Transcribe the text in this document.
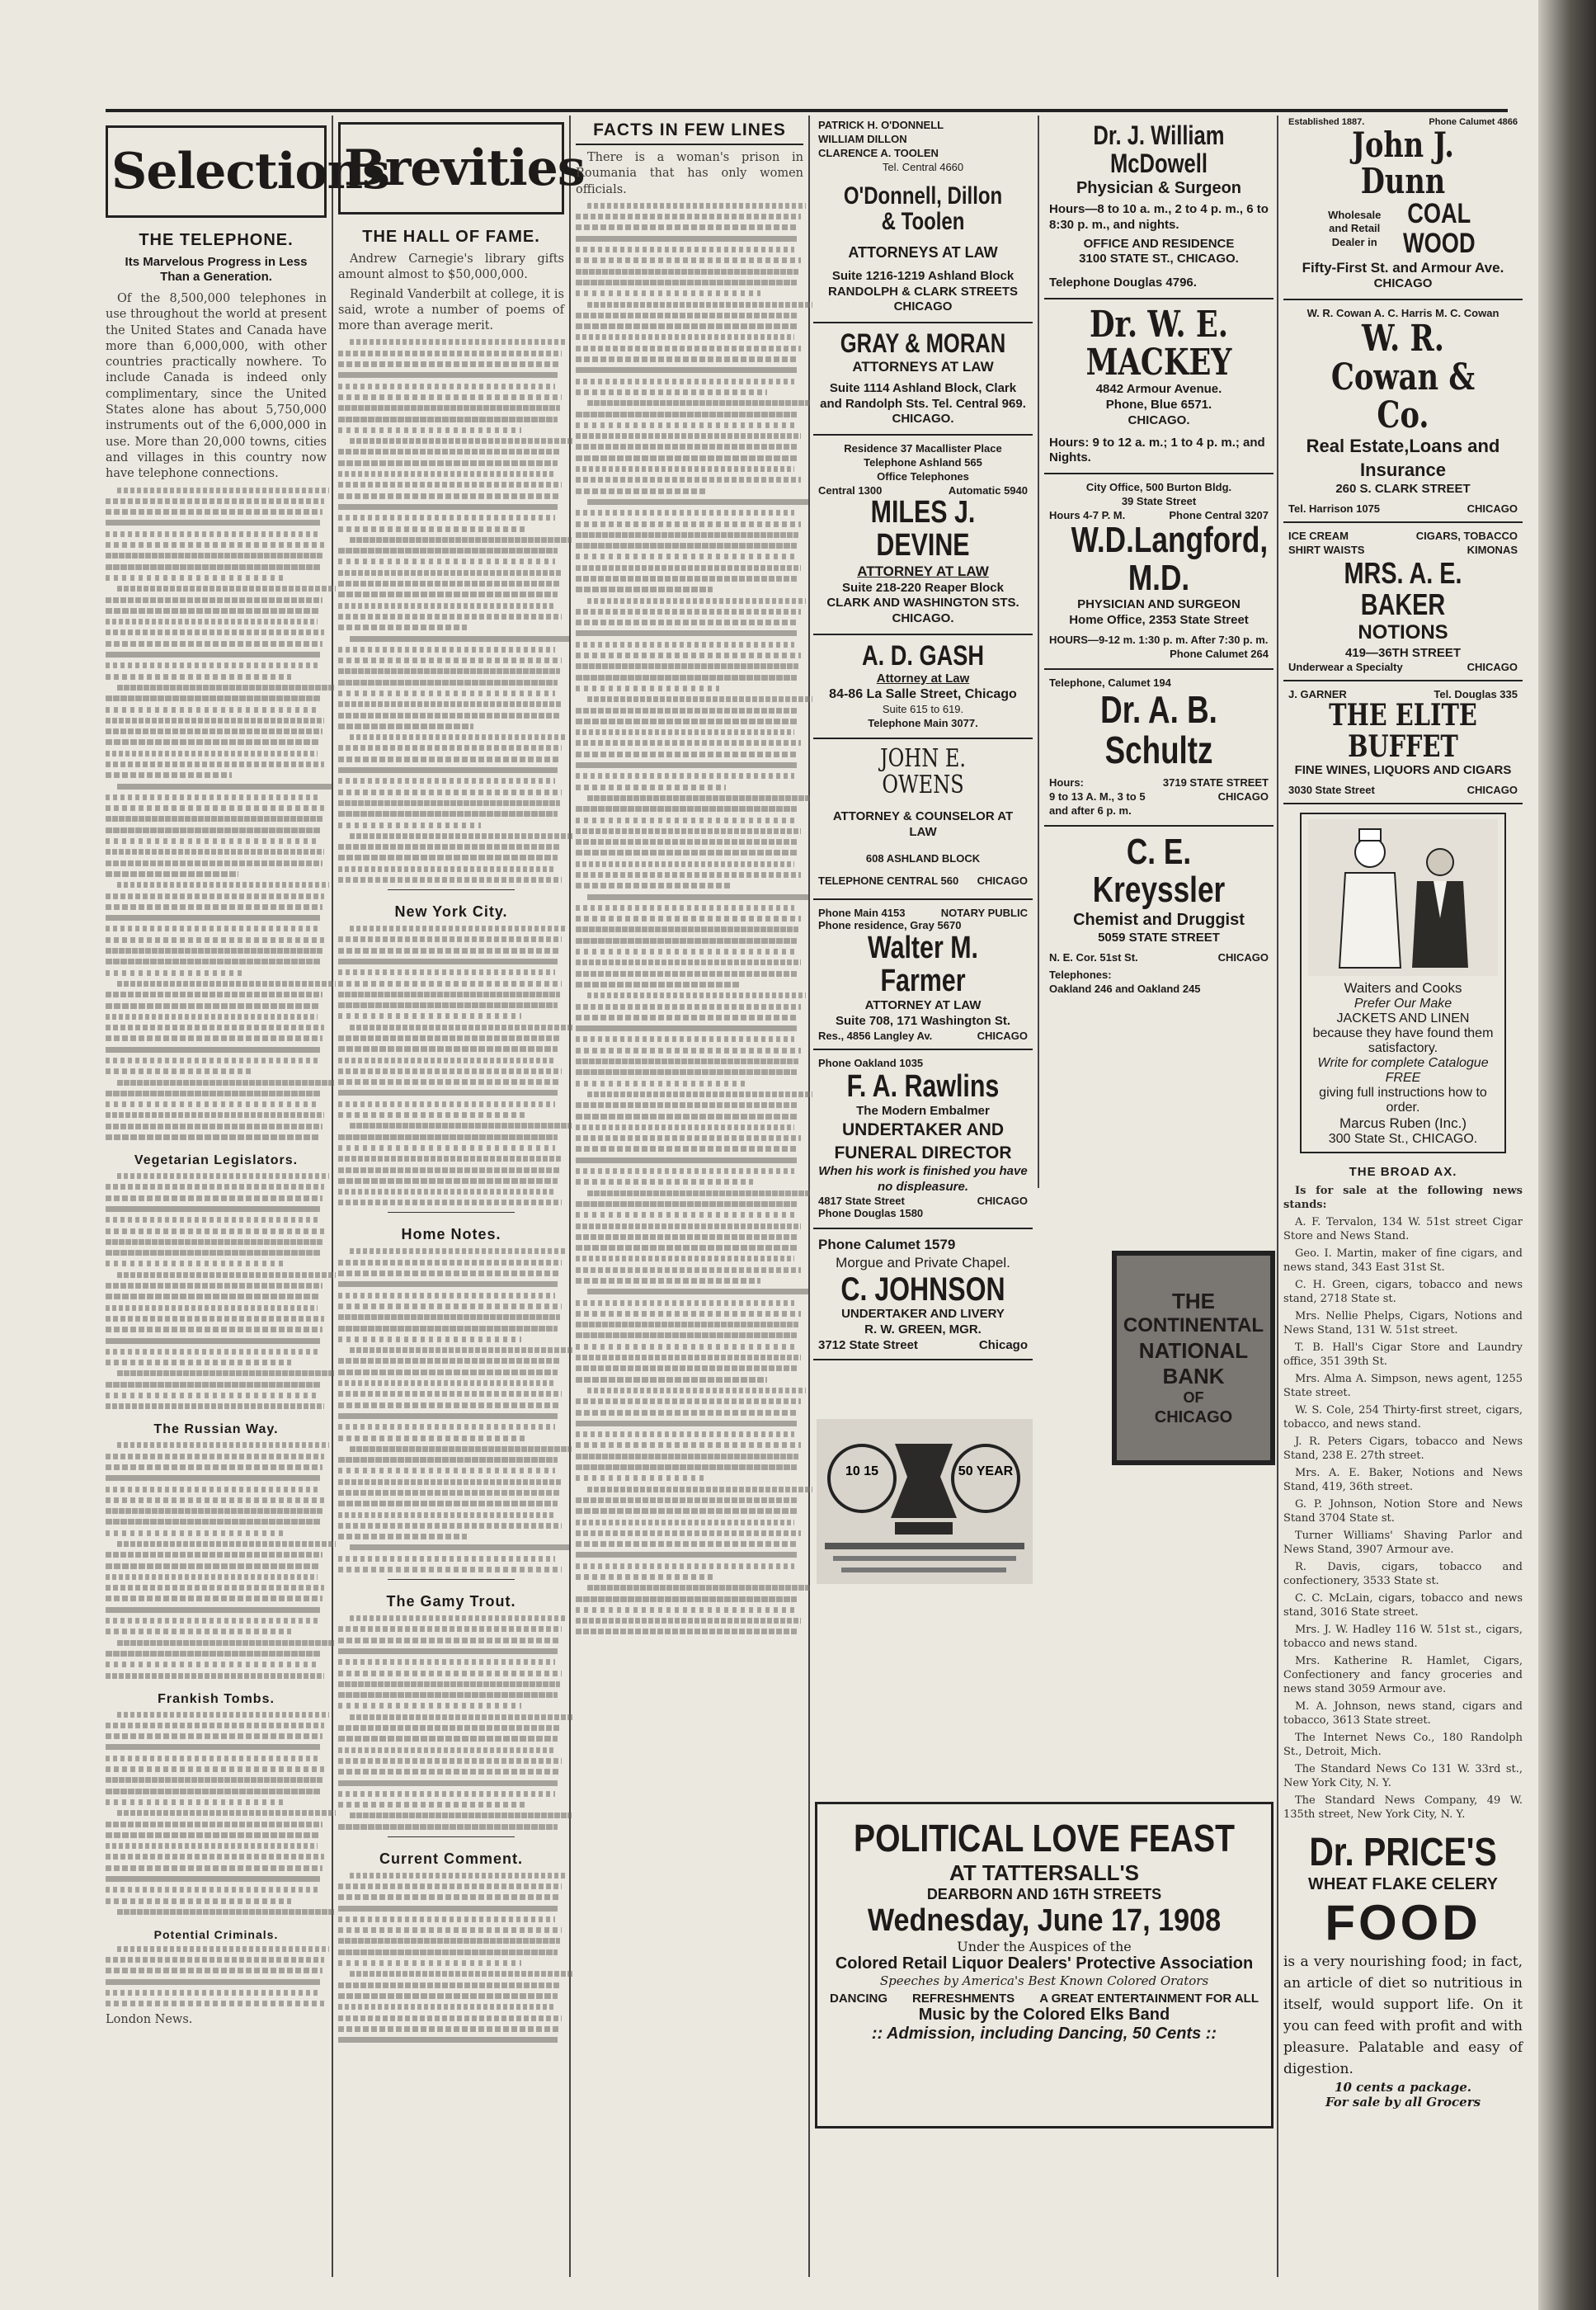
Selections
THE TELEPHONE.
Its Marvelous Progress in Less Than a Generation.

Of the 8,500,000 telephones in use throughout the world at present the United States and Canada have more than 6,000,000, with other countries practically nowhere. To include Canada is indeed only complimentary, since the United States alone has about 5,750,000 instruments out of the 6,000,000 in use. More than 20,000 towns, cities and villages in this country now have telephone connections.

Vegetarian Legislators.
The Russian Way.
Frankish Tombs.
Potential Criminals.
London News.
Brevities
THE HALL OF FAME.

Andrew Carnegie's library gifts amount almost to $50,000,000.

Reginald Vanderbilt at college, it is said, wrote a number of poems of more than average merit.

New York City.
Home Notes.
The Gamy Trout.
Current Comment.
FACTS IN FEW LINES

There is a woman's prison in Roumania that has only women officials.

PATRICK H. O'DONNELL
WILLIAM DILLON
CLARENCE A. TOOLEN
Tel. Central 4660
O'Donnell, Dillon & Toolen
ATTORNEYS AT LAW
Suite 1216-1219 Ashland Block
RANDOLPH & CLARK STREETS
CHICAGO
GRAY & MORAN
ATTORNEYS AT LAW
Suite 1114 Ashland Block, Clark and Randolph Sts. Tel. Central 969.
CHICAGO.
Residence 37 Macallister Place
Telephone Ashland 565
Office Telephones
Central 1300	Automatic 5940
MILES J. DEVINE
ATTORNEY AT LAW
Suite 218-220 Reaper Block
CLARK AND WASHINGTON STS.
CHICAGO.
A. D. GASH
Attorney at Law
84-86 La Salle Street, Chicago
Suite 615 to 619.
Telephone Main 3077.
JOHN E. OWENS
ATTORNEY & COUNSELOR AT LAW
608 ASHLAND BLOCK
TELEPHONE CENTRAL 560 CHICAGO
Phone Main 4153	NOTARY PUBLIC
Phone residence, Gray 5670
Walter M. Farmer
ATTORNEY AT LAW
Suite 708, 171 Washington St.
Res., 4856 Langley Av.	CHICAGO
Phone Oakland 1035
F. A. Rawlins
The Modern Embalmer
UNDERTAKER AND FUNERAL DIRECTOR
When his work is finished you have no displeasure.
4817 State Street	CHICAGO
Phone Douglas 1580
Phone Calumet 1579
Morgue and Private Chapel.
C. JOHNSON
UNDERTAKER AND LIVERY
R. W. GREEN, MGR.
3712 State Street	Chicago
10 15	50 YEAR
Dr. J. William McDowell
Physician & Surgeon
Hours—8 to 10 a. m., 2 to 4 p. m., 6 to 8:30 p. m., and nights.
OFFICE AND RESIDENCE
3100 STATE ST., CHICAGO.
Telephone Douglas 4796.
Dr. W. E. MACKEY
4842 Armour Avenue.
Phone, Blue 6571.
CHICAGO.
Hours: 9 to 12 a. m.; 1 to 4 p. m.; and Nights.
City Office, 500 Burton Bldg.
39 State Street
Hours 4-7 P. M.	Phone Central 3207
W.D.Langford, M.D.
PHYSICIAN AND SURGEON
Home Office, 2353 State Street
HOURS—9-12 m. 1:30 p. m. After 7:30 p. m.
Phone Calumet 264
Telephone, Calumet 194
Dr. A. B. Schultz
Hours:
9 to 13 A. M., 3 to 5
and after 6 p. m.
3719 STATE STREET
CHICAGO
C. E. Kreyssler
Chemist and Druggist
5059 STATE STREET
N. E. Cor. 51st St.	CHICAGO
Telephones:
Oakland 246 and Oakland 245
THE
CONTINENTAL
NATIONAL
BANK
OF
CHICAGO
Established 1887.	Phone Calumet 4866
John J. Dunn
Wholesale and Retail Dealer in
COAL
WOOD
Fifty-First St. and Armour Ave.
CHICAGO
W. R. Cowan A. C. Harris M. C. Cowan
W. R. Cowan & Co.
Real Estate,Loans and Insurance
260 S. CLARK STREET
Tel. Harrison 1075	CHICAGO
ICE CREAM
SHIRT WAISTS
CIGARS, TOBACCO
KIMONAS
MRS. A. E. BAKER
NOTIONS
419—36TH STREET
Underwear a Specialty	CHICAGO
J. GARNER	Tel. Douglas 335
THE ELITE BUFFET
FINE WINES, LIQUORS AND CIGARS
3030 State Street	CHICAGO
Waiters and Cooks
Prefer Our Make
JACKETS AND LINEN
because they have found them satisfactory.
Write for complete Catalogue FREE
giving full instructions how to order.
Marcus Ruben (Inc.)
300 State St., CHICAGO.
THE BROAD AX.

Is for sale at the following news stands:

A. F. Tervalon, 134 W. 51st street Cigar Store and News Stand.

Geo. I. Martin, maker of fine cigars, and news stand, 343 East 31st St.

C. H. Green, cigars, tobacco and news stand, 2718 State st.

Mrs. Nellie Phelps, Cigars, Notions and News Stand, 131 W. 51st street.

T. B. Hall's Cigar Store and Laundry office, 351 39th St.

Mrs. Alma A. Simpson, news agent, 1255 State street.

W. S. Cole, 254 Thirty-first street, cigars, tobacco, and news stand.

J. R. Peters Cigars, tobacco and News Stand, 238 E. 27th street.

Mrs. A. E. Baker, Notions and News Stand, 419, 36th street.

G. P. Johnson, Notion Store and News Stand 3704 State st.

Turner Williams' Shaving Parlor and News Stand, 3907 Armour ave.

R. Davis, cigars, tobacco and confectionery, 3533 State st.

C. C. McLain, cigars, tobacco and news stand, 3016 State street.

Mrs. J. W. Hadley 116 W. 51st st., cigars, tobacco and news stand.

Mrs. Katherine R. Hamlet, Cigars, Confectionery and fancy groceries and news stand 3059 Armour ave.

M. A. Johnson, news stand, cigars and tobacco, 3613 State street.

The Internet News Co., 180 Randolph St., Detroit, Mich.

The Standard News Co 131 W. 33rd st., New York City, N. Y.

The Standard News Company, 49 W. 135th street, New York City, N. Y.

Dr. PRICE'S
WHEAT FLAKE CELERY
FOOD
is a very nourishing food; in fact, an article of diet so nutritious in itself, would support life. On it you can feed with profit and with pleasure. Palatable and easy of digestion.
10 cents a package.
For sale by all Grocers
POLITICAL LOVE FEAST
AT TATTERSALL'S
DEARBORN AND 16TH STREETS
Wednesday, June 17, 1908
Under the Auspices of the
Colored Retail Liquor Dealers' Protective Association
Speeches by America's Best Known Colored Orators
DANCING REFRESHMENTS A GREAT ENTERTAINMENT FOR ALL
Music by the Colored Elks Band
:: Admission, including Dancing, 50 Cents ::
